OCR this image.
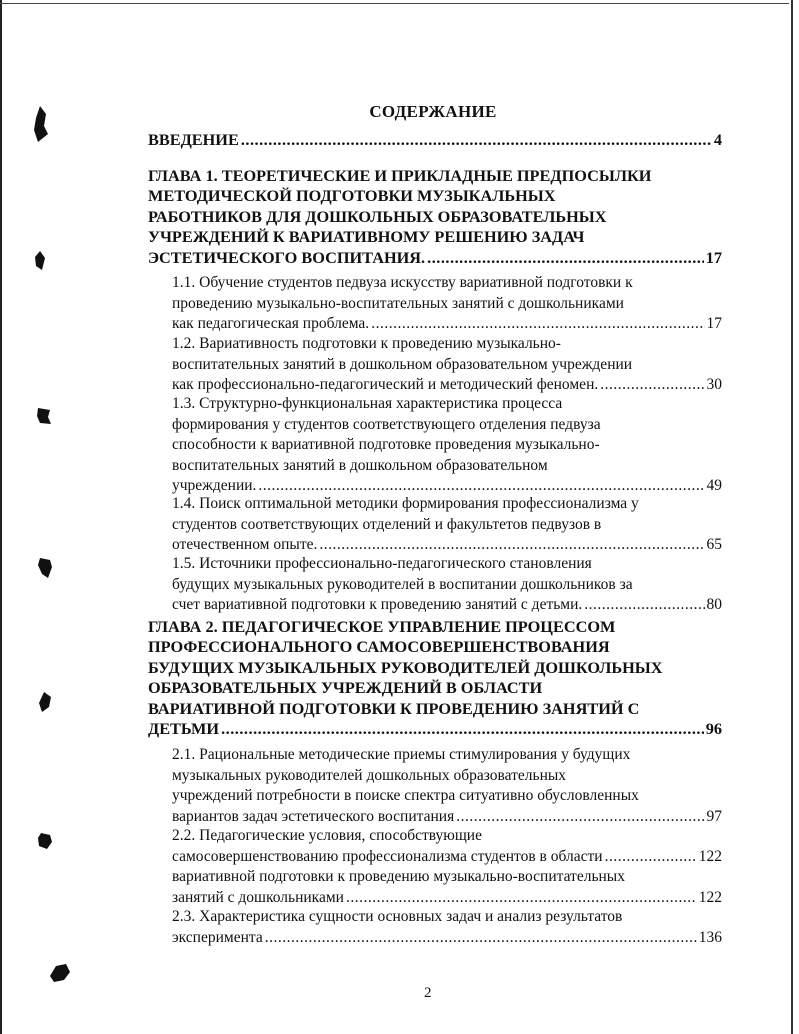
СОДЕРЖАНИЕ
ВВЕДЕНИЕ .....	4
ГЛАВА 1. ТЕОРЕТИЧЕСКИЕ И ПРИКЛАДНЫЕ ПРЕДПОСЫЛКИ
МЕТОДИЧЕСКОЙ ПОДГОТОВКИ МУЗЫКАЛЬНЫХ
РАБОТНИКОВ ДЛЯ ДОШКОЛЬНЫХ ОБРАЗОВАТЕЛЬНЫХ
УЧРЕЖДЕНИЙ К ВАРИАТИВНОМУ РЕШЕНИЮ ЗАДАЧ
ЭСТЕТИЧЕСКОГО ВОСПИТАНИЯ. .....	17
1.1. Обучение студентов педвуза искусству вариативной подготовки к
проведению музыкально-воспитательных занятий с дошкольниками
как педагогическая проблема. .....	17
1.2. Вариативность подготовки к проведению музыкально-
воспитательных занятий в дошкольном образовательном учреждении
как профессионально-педагогический и методический феномен. .....	30
1.3. Структурно-функциональная характеристика процесса
формирования у студентов соответствующего отделения педвуза
способности к вариативной подготовке проведения музыкально-
воспитательных занятий в дошкольном образовательном
учреждении. .....	49
1.4. Поиск оптимальной методики формирования профессионализма у
студентов соответствующих отделений и факультетов педвузов в
отечественном опыте. .....	65
1.5. Источники профессионально-педагогического становления
будущих музыкальных руководителей в воспитании дошкольников за
счет вариативной подготовки к проведению занятий с детьми. .....	80
ГЛАВА 2. ПЕДАГОГИЧЕСКОЕ УПРАВЛЕНИЕ ПРОЦЕССОМ
ПРОФЕССИОНАЛЬНОГО САМОСОВЕРШЕНСТВОВАНИЯ
БУДУЩИХ МУЗЫКАЛЬНЫХ РУКОВОДИТЕЛЕЙ ДОШКОЛЬНЫХ
ОБРАЗОВАТЕЛЬНЫХ УЧРЕЖДЕНИЙ В ОБЛАСТИ
ВАРИАТИВНОЙ ПОДГОТОВКИ К ПРОВЕДЕНИЮ ЗАНЯТИЙ С
ДЕТЬМИ .....	96
2.1. Рациональные методические приемы стимулирования у будущих
музыкальных руководителей дошкольных образовательных
учреждений потребности в поиске спектра ситуативно обусловленных
вариантов задач эстетического воспитания .....	97
2.2. Педагогические условия, способствующие
самосовершенствованию профессионализма студентов в области .....	122
вариативной подготовки к проведению музыкально-воспитательных
занятий с дошкольниками .....	122
2.3. Характеристика сущности основных задач и анализ результатов
эксперимента .....	136
2
